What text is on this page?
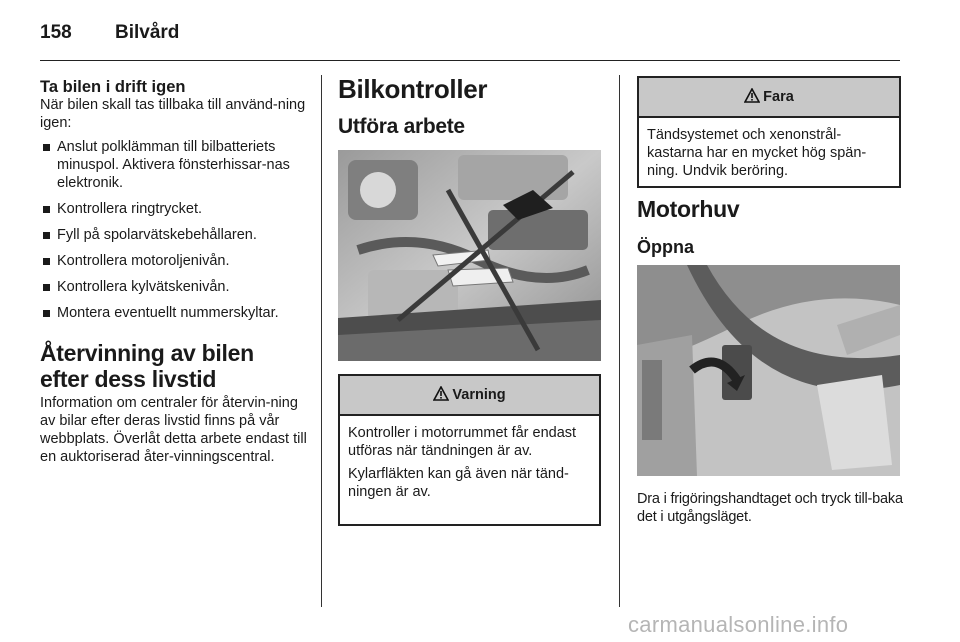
158 Bilvård
Ta bilen i drift igen

När bilen skall tas tillbaka till använd-ning igen:

Anslut polklämman till bilbatteriets minuspol. Aktivera fönsterhissar-nas elektronik.
Kontrollera ringtrycket.
Fyll på spolarvätskebehållaren.
Kontrollera motoroljenivån.
Kontrollera kylvätskenivån.
Montera eventuellt nummerskyltar.
Återvinning av bilen efter dess livstid

Information om centraler för återvin-ning av bilar efter deras livstid finns på vår webbplats. Överlåt detta arbete endast till en auktoriserad åter-vinningscentral.

Bilkontroller
Utföra arbete
Varning

Kontroller i motorrummet får endast utföras när tändningen är av.

Kylarfläkten kan gå även när tänd-ningen är av.

Fara

Tändsystemet och xenonstrål-kastarna har en mycket hög spän-ning. Undvik beröring.

Motorhuv
Öppna
Dra i frigöringshandtaget och tryck till-baka det i utgångsläget.
carmanualsonline.info
